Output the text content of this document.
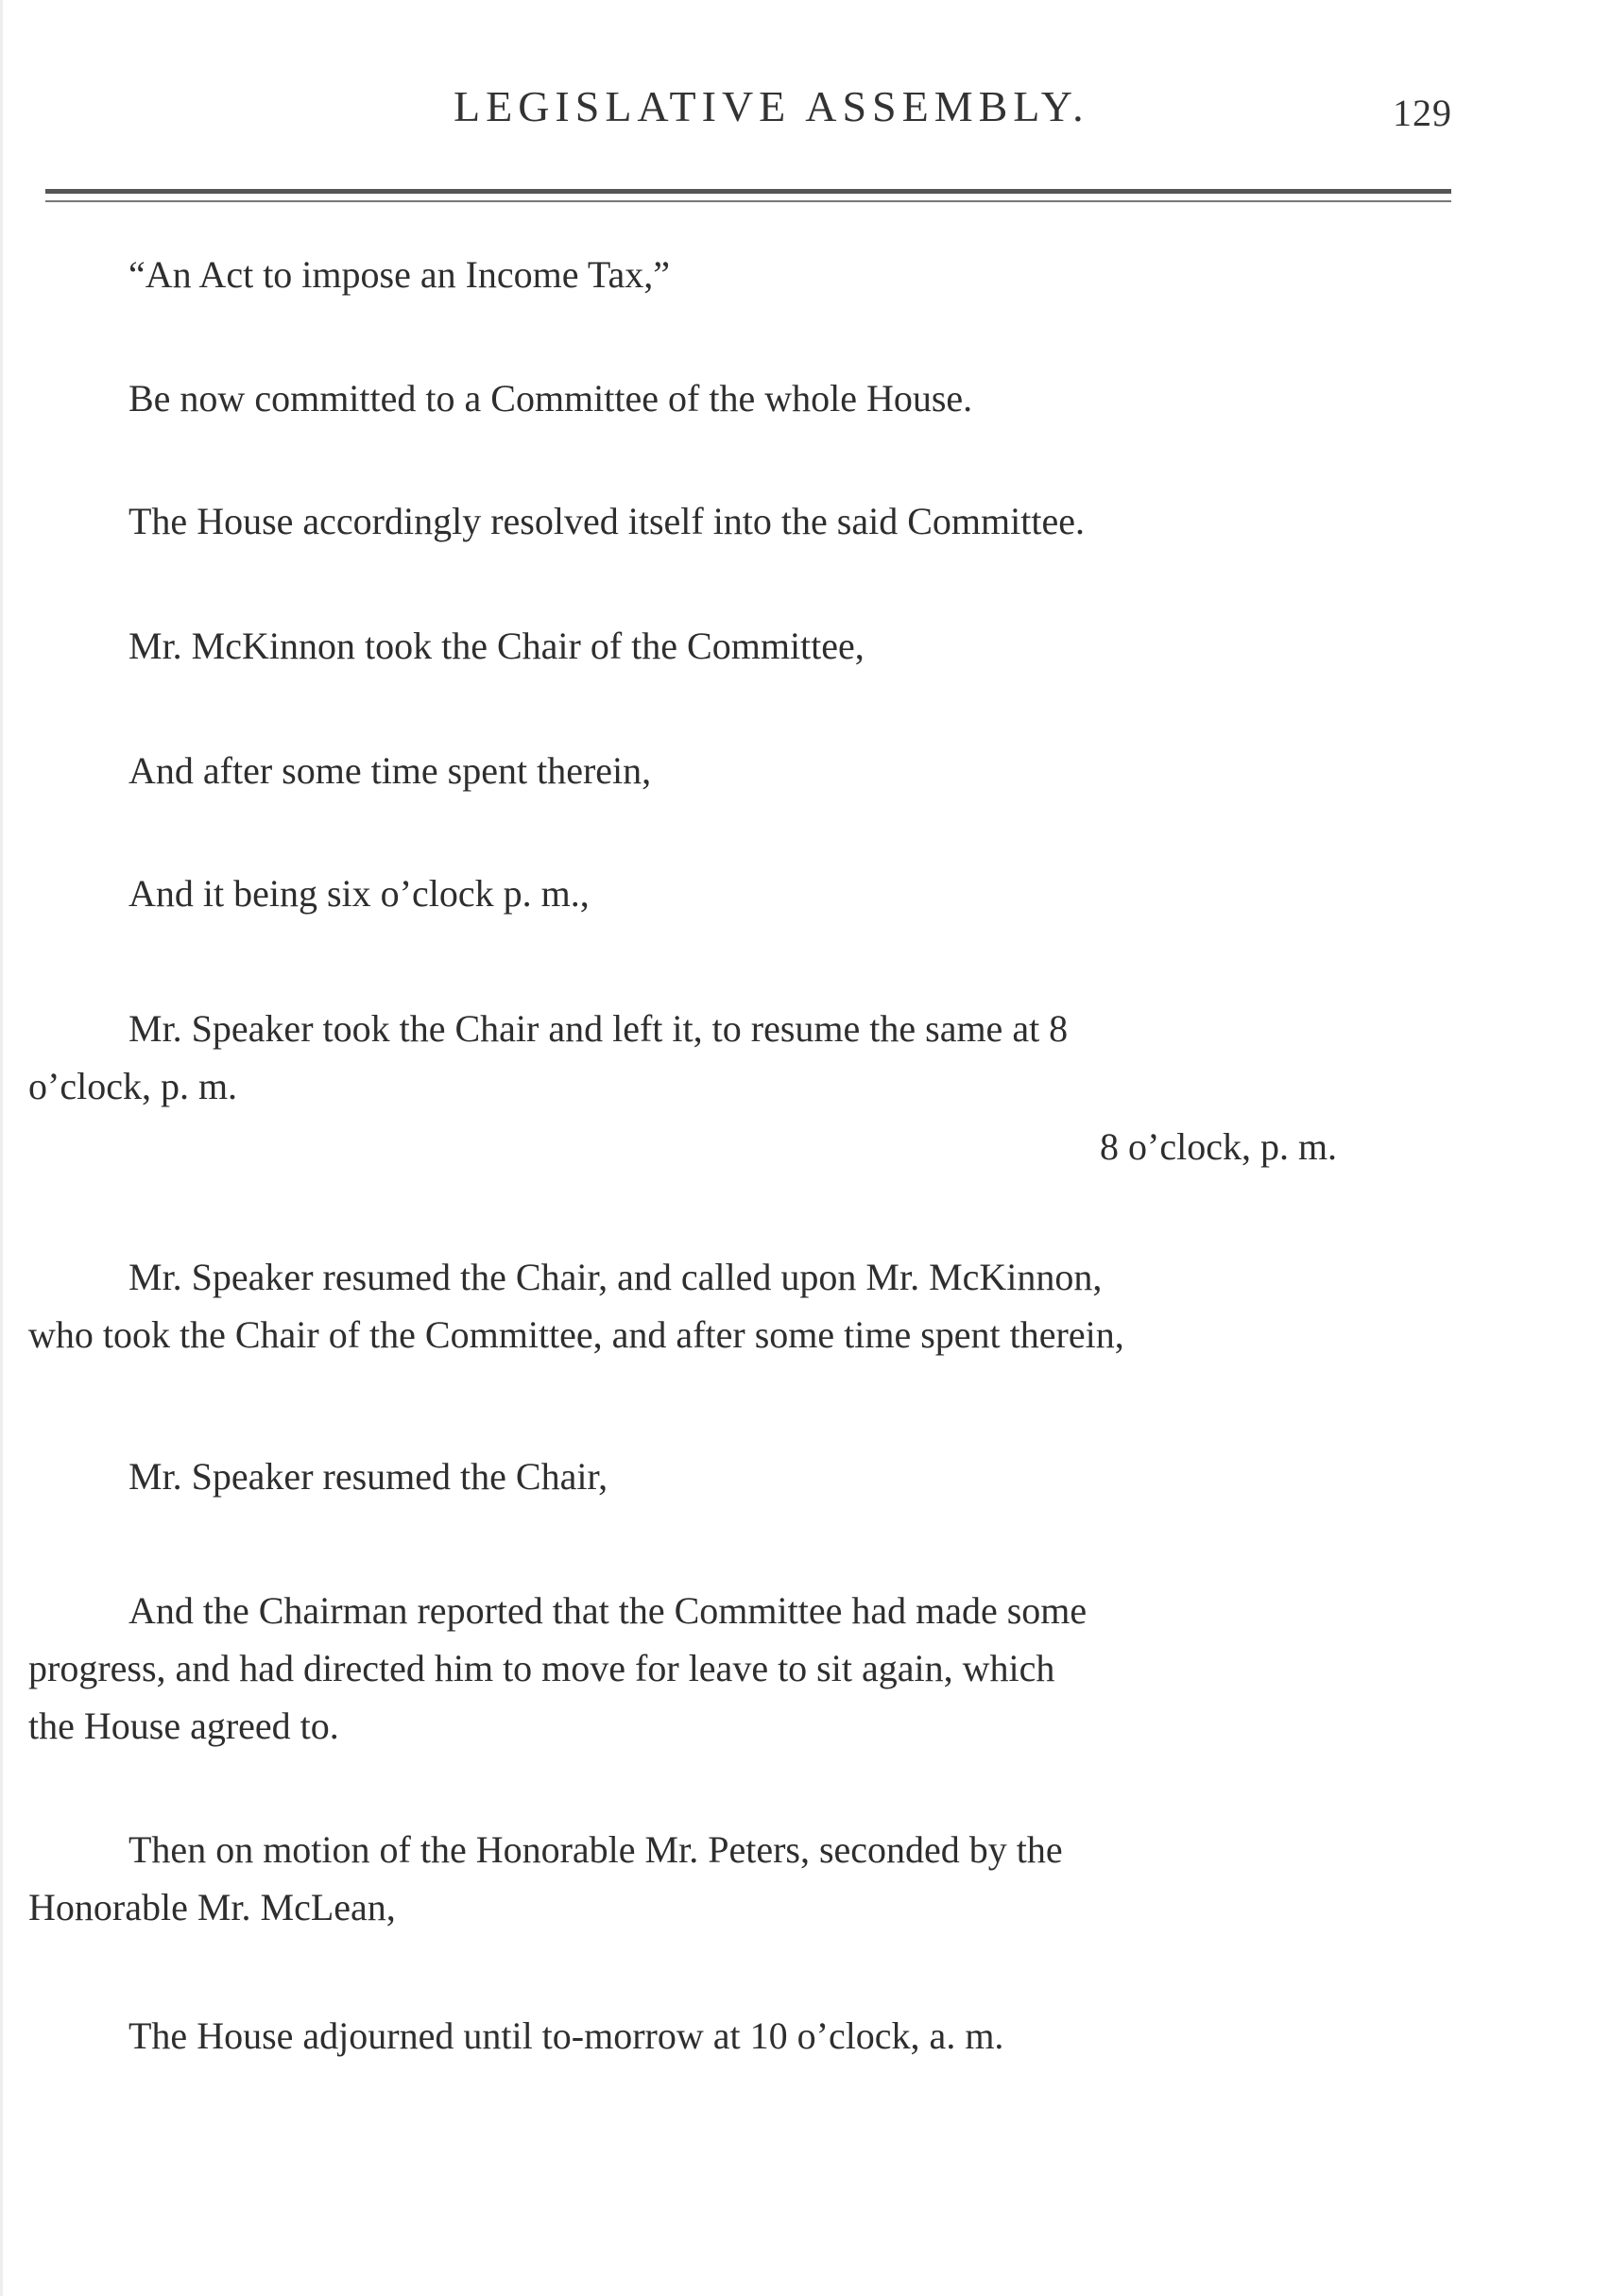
LEGISLATIVE ASSEMBLY.	129
“An Act to impose an Income Tax,”
Be now committed to a Committee of the whole House.
The House accordingly resolved itself into the said Committee.
Mr. McKinnon took the Chair of the Committee,
And after some time spent therein,
And it being six o’clock p. m.,
Mr. Speaker took the Chair and left it, to resume the same at 8
o’clock, p. m.
8 o’clock, p. m.
Mr. Speaker resumed the Chair, and called upon Mr. McKinnon,
who took the Chair of the Committee, and after some time spent therein,
Mr. Speaker resumed the Chair,
And the Chairman reported that the Committee had made some
progress, and had directed him to move for leave to sit again, which
the House agreed to.
Then on motion of the Honorable Mr. Peters, seconded by the
Honorable Mr. McLean,
The House adjourned until to-morrow at 10 o’clock, a. m.
